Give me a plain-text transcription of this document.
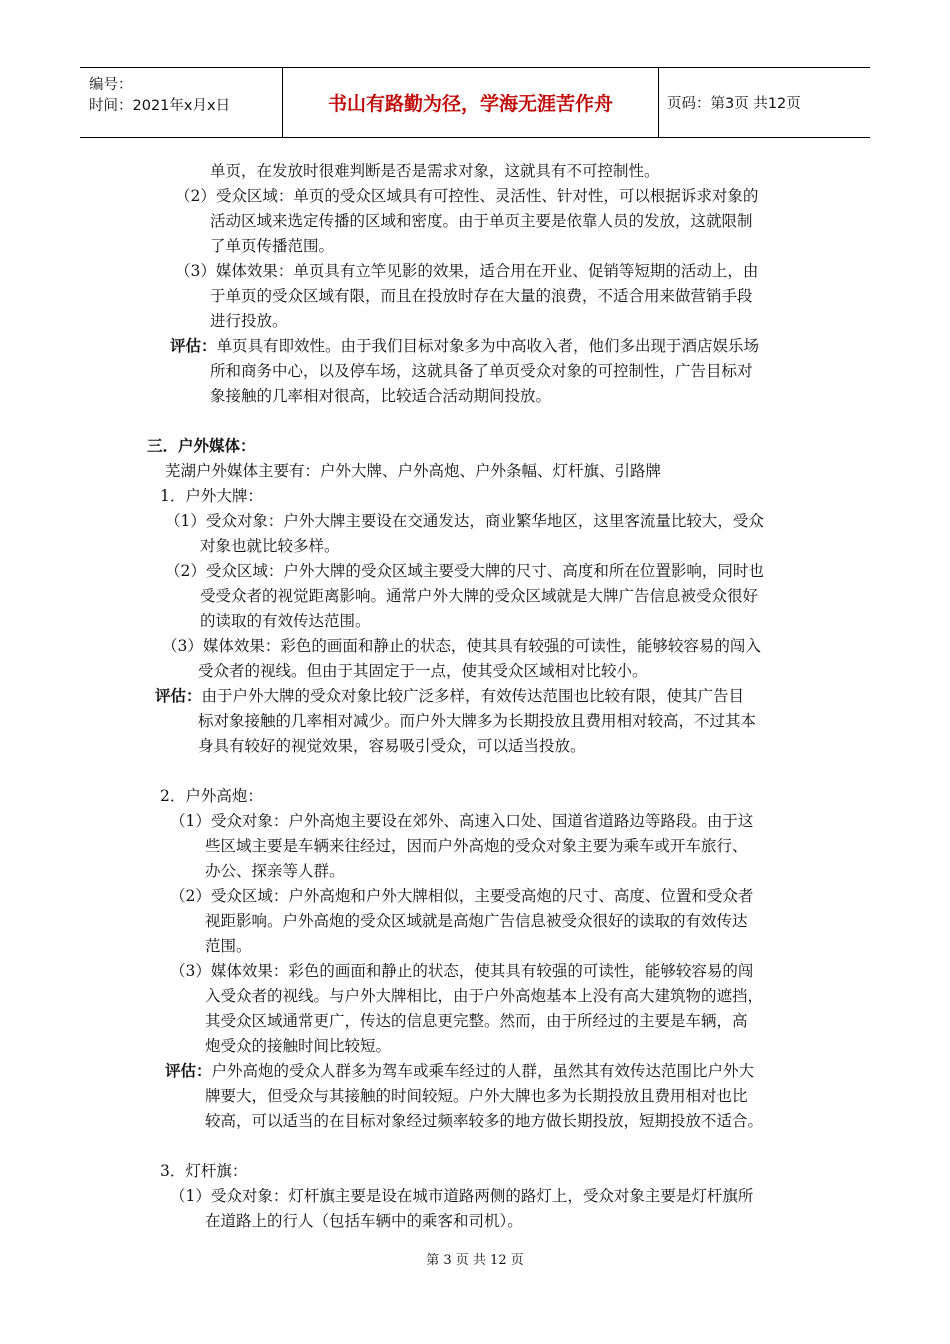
编号：
时间：2021年x月x日	书山有路勤为径，学海无涯苦作舟	页码：第3页 共12页
单页，在发放时很难判断是否是需求对象，这就具有不可控制性。
（2）受众区域：单页的受众区域具有可控性、灵活性、针对性，可以根据诉求对象的
活动区域来选定传播的区域和密度。由于单页主要是依靠人员的发放，这就限制
了单页传播范围。
（3）媒体效果：单页具有立竿见影的效果，适合用在开业、促销等短期的活动上，由
于单页的受众区域有限，而且在投放时存在大量的浪费，不适合用来做营销手段
进行投放。
评估：单页具有即效性。由于我们目标对象多为中高收入者，他们多出现于酒店娱乐场
所和商务中心，以及停车场，这就具备了单页受众对象的可控制性，广告目标对
象接触的几率相对很高，比较适合活动期间投放。
三．户外媒体：
芜湖户外媒体主要有：户外大牌、户外高炮、户外条幅、灯杆旗、引路牌
1．户外大牌：
（1）受众对象：户外大牌主要设在交通发达，商业繁华地区，这里客流量比较大，受众
对象也就比较多样。
（2）受众区域：户外大牌的受众区域主要受大牌的尺寸、高度和所在位置影响，同时也
受受众者的视觉距离影响。通常户外大牌的受众区域就是大牌广告信息被受众很好
的读取的有效传达范围。
（3）媒体效果：彩色的画面和静止的状态，使其具有较强的可读性，能够较容易的闯入
受众者的视线。但由于其固定于一点，使其受众区域相对比较小。
评估：由于户外大牌的受众对象比较广泛多样，有效传达范围也比较有限，使其广告目
标对象接触的几率相对减少。而户外大牌多为长期投放且费用相对较高，不过其本
身具有较好的视觉效果，容易吸引受众，可以适当投放。
2．户外高炮：
（1）受众对象：户外高炮主要设在郊外、高速入口处、国道省道路边等路段。由于这
些区域主要是车辆来往经过，因而户外高炮的受众对象主要为乘车或开车旅行、
办公、探亲等人群。
（2）受众区域：户外高炮和户外大牌相似，主要受高炮的尺寸、高度、位置和受众者
视距影响。户外高炮的受众区域就是高炮广告信息被受众很好的读取的有效传达
范围。
（3）媒体效果：彩色的画面和静止的状态，使其具有较强的可读性，能够较容易的闯
入受众者的视线。与户外大牌相比，由于户外高炮基本上没有高大建筑物的遮挡，
其受众区域通常更广，传达的信息更完整。然而，由于所经过的主要是车辆，高
炮受众的接触时间比较短。
评估：户外高炮的受众人群多为驾车或乘车经过的人群，虽然其有效传达范围比户外大
牌要大，但受众与其接触的时间较短。户外大牌也多为长期投放且费用相对也比
较高，可以适当的在目标对象经过频率较多的地方做长期投放，短期投放不适合。
3．灯杆旗：
（1）受众对象：灯杆旗主要是设在城市道路两侧的路灯上，受众对象主要是灯杆旗所
在道路上的行人（包括车辆中的乘客和司机）。
第 3 页 共 12 页
